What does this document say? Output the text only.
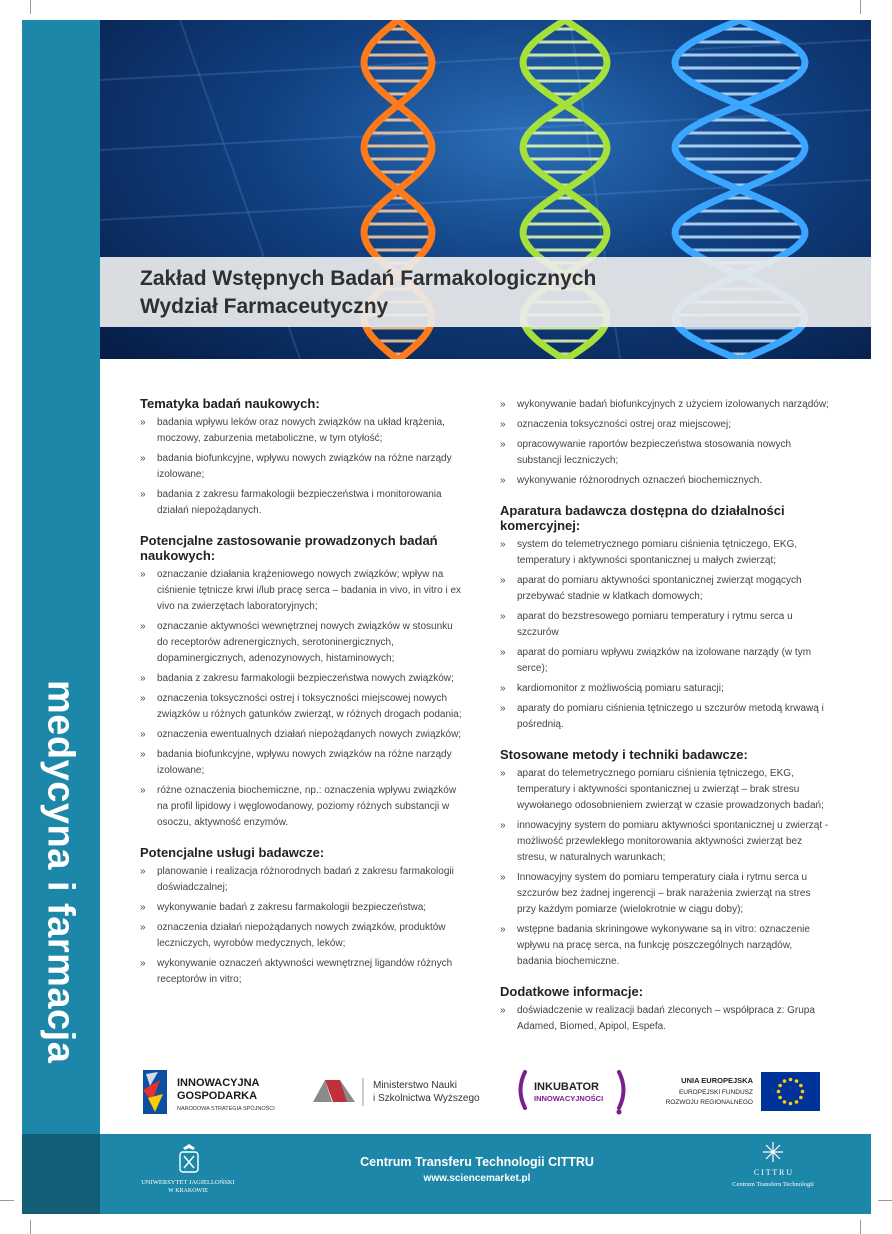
medycyna i farmacja
Zakład Wstępnych Badań Farmakologicznych
Wydział Farmaceutyczny
Tematyka badań naukowych:
» badania wpływu leków oraz nowych związków na układ krążenia, moczowy, zaburzenia metaboliczne, w tym otyłość;
» badania biofunkcyjne, wpływu nowych związków na różne narządy izolowane;
» badania z zakresu farmakologii bezpieczeństwa i monitorowania działań niepożądanych.
Potencjalne zastosowanie prowadzonych badań naukowych:
» oznaczanie działania krążeniowego nowych związków; wpływ na ciśnienie tętnicze krwi i/lub pracę serca – badania in vivo, in vitro i ex vivo na zwierzętach laboratoryjnych;
» oznaczanie aktywności wewnętrznej nowych związków w stosunku do receptorów adrenergicznych, serotoninergicznych, dopaminergicznych, adenozynowych, histaminowych;
» badania z zakresu farmakologii bezpieczeństwa nowych związków;
» oznaczenia toksyczności ostrej i toksyczności miejscowej nowych związków u różnych gatunków zwierząt, w różnych drogach podania;
» oznaczenia ewentualnych działań niepożądanych nowych związków;
» badania biofunkcyjne, wpływu nowych związków na różne narządy izolowane;
» różne oznaczenia biochemiczne, np.: oznaczenia wpływu związków na profil lipidowy i węglowodanowy, poziomy różnych substancji w osoczu, aktywność enzymów.
Potencjalne usługi badawcze:
» planowanie i realizacja różnorodnych badań z zakresu farmakologii doświadczalnej;
» wykonywanie badań z zakresu farmakologii bezpieczeństwa;
» oznaczenia działań niepożądanych nowych związków, produktów leczniczych, wyrobów medycznych, leków;
» wykonywanie oznaczeń aktywności wewnętrznej ligandów różnych receptorów in vitro;
» wykonywanie badań biofunkcyjnych z użyciem izolowanych narządów;
» oznaczenia toksyczności ostrej oraz miejscowej;
» opracowywanie raportów bezpieczeństwa stosowania nowych substancji leczniczych;
» wykonywanie różnorodnych oznaczeń biochemicznych.
Aparatura badawcza dostępna do działalności komercyjnej:
» system do telemetrycznego pomiaru ciśnienia tętniczego, EKG, temperatury i aktywności spontanicznej u małych zwierząt;
» aparat do pomiaru aktywności spontanicznej zwierząt mogących przebywać stadnie w klatkach domowych;
» aparat do bezstresowego pomiaru temperatury i rytmu serca u szczurów
» aparat do pomiaru wpływu związków na izolowane narządy (w tym serce);
» kardiomonitor z możliwością pomiaru saturacji;
» aparaty do pomiaru ciśnienia tętniczego u szczurów metodą krwawą i pośrednią.
Stosowane metody i techniki badawcze:
» aparat do telemetrycznego pomiaru ciśnienia tętniczego, EKG, temperatury i aktywności spontanicznej u zwierząt – brak stresu wywołanego odosobnieniem zwierząt w czasie prowadzonych badań;
» innowacyjny system do pomiaru aktywności spontanicznej u zwierząt - możliwość przewlekłego monitorowania aktywności zwierząt bez stresu, w naturalnych warunkach;
» Innowacyjny system do pomiaru temperatury ciała i rytmu serca u szczurów bez żadnej ingerencji – brak narażenia zwierząt na stres przy każdym pomiarze (wielokrotnie w ciągu doby);
» wstępne badania skriningowe wykonywane są in vitro: oznaczenie wpływu na pracę serca, na funkcję poszczególnych narządów, badania biochemiczne.
Dodatkowe informacje:
» doświadczenie w realizacji badań zleconych – współpraca z: Grupa Adamed, Biomed, Apipol, Espefa.
INNOWACYJNA
GOSPODARKA
NARODOWA STRATEGIA SPÓJNOŚCI
Ministerstwo Nauki
i Szkolnictwa Wyższego
INKUBATOR
INNOWACYJNOŚCI
UNIA EUROPEJSKA
EUROPEJSKI FUNDUSZ
ROZWOJU REGIONALNEGO
UNIWERSYTET JAGIELLOŃSKI
W KRAKOWIE
Centrum Transferu Technologii CITTRU
www.sciencemarket.pl
C I T T R U
Centrum Transferu Technologii
